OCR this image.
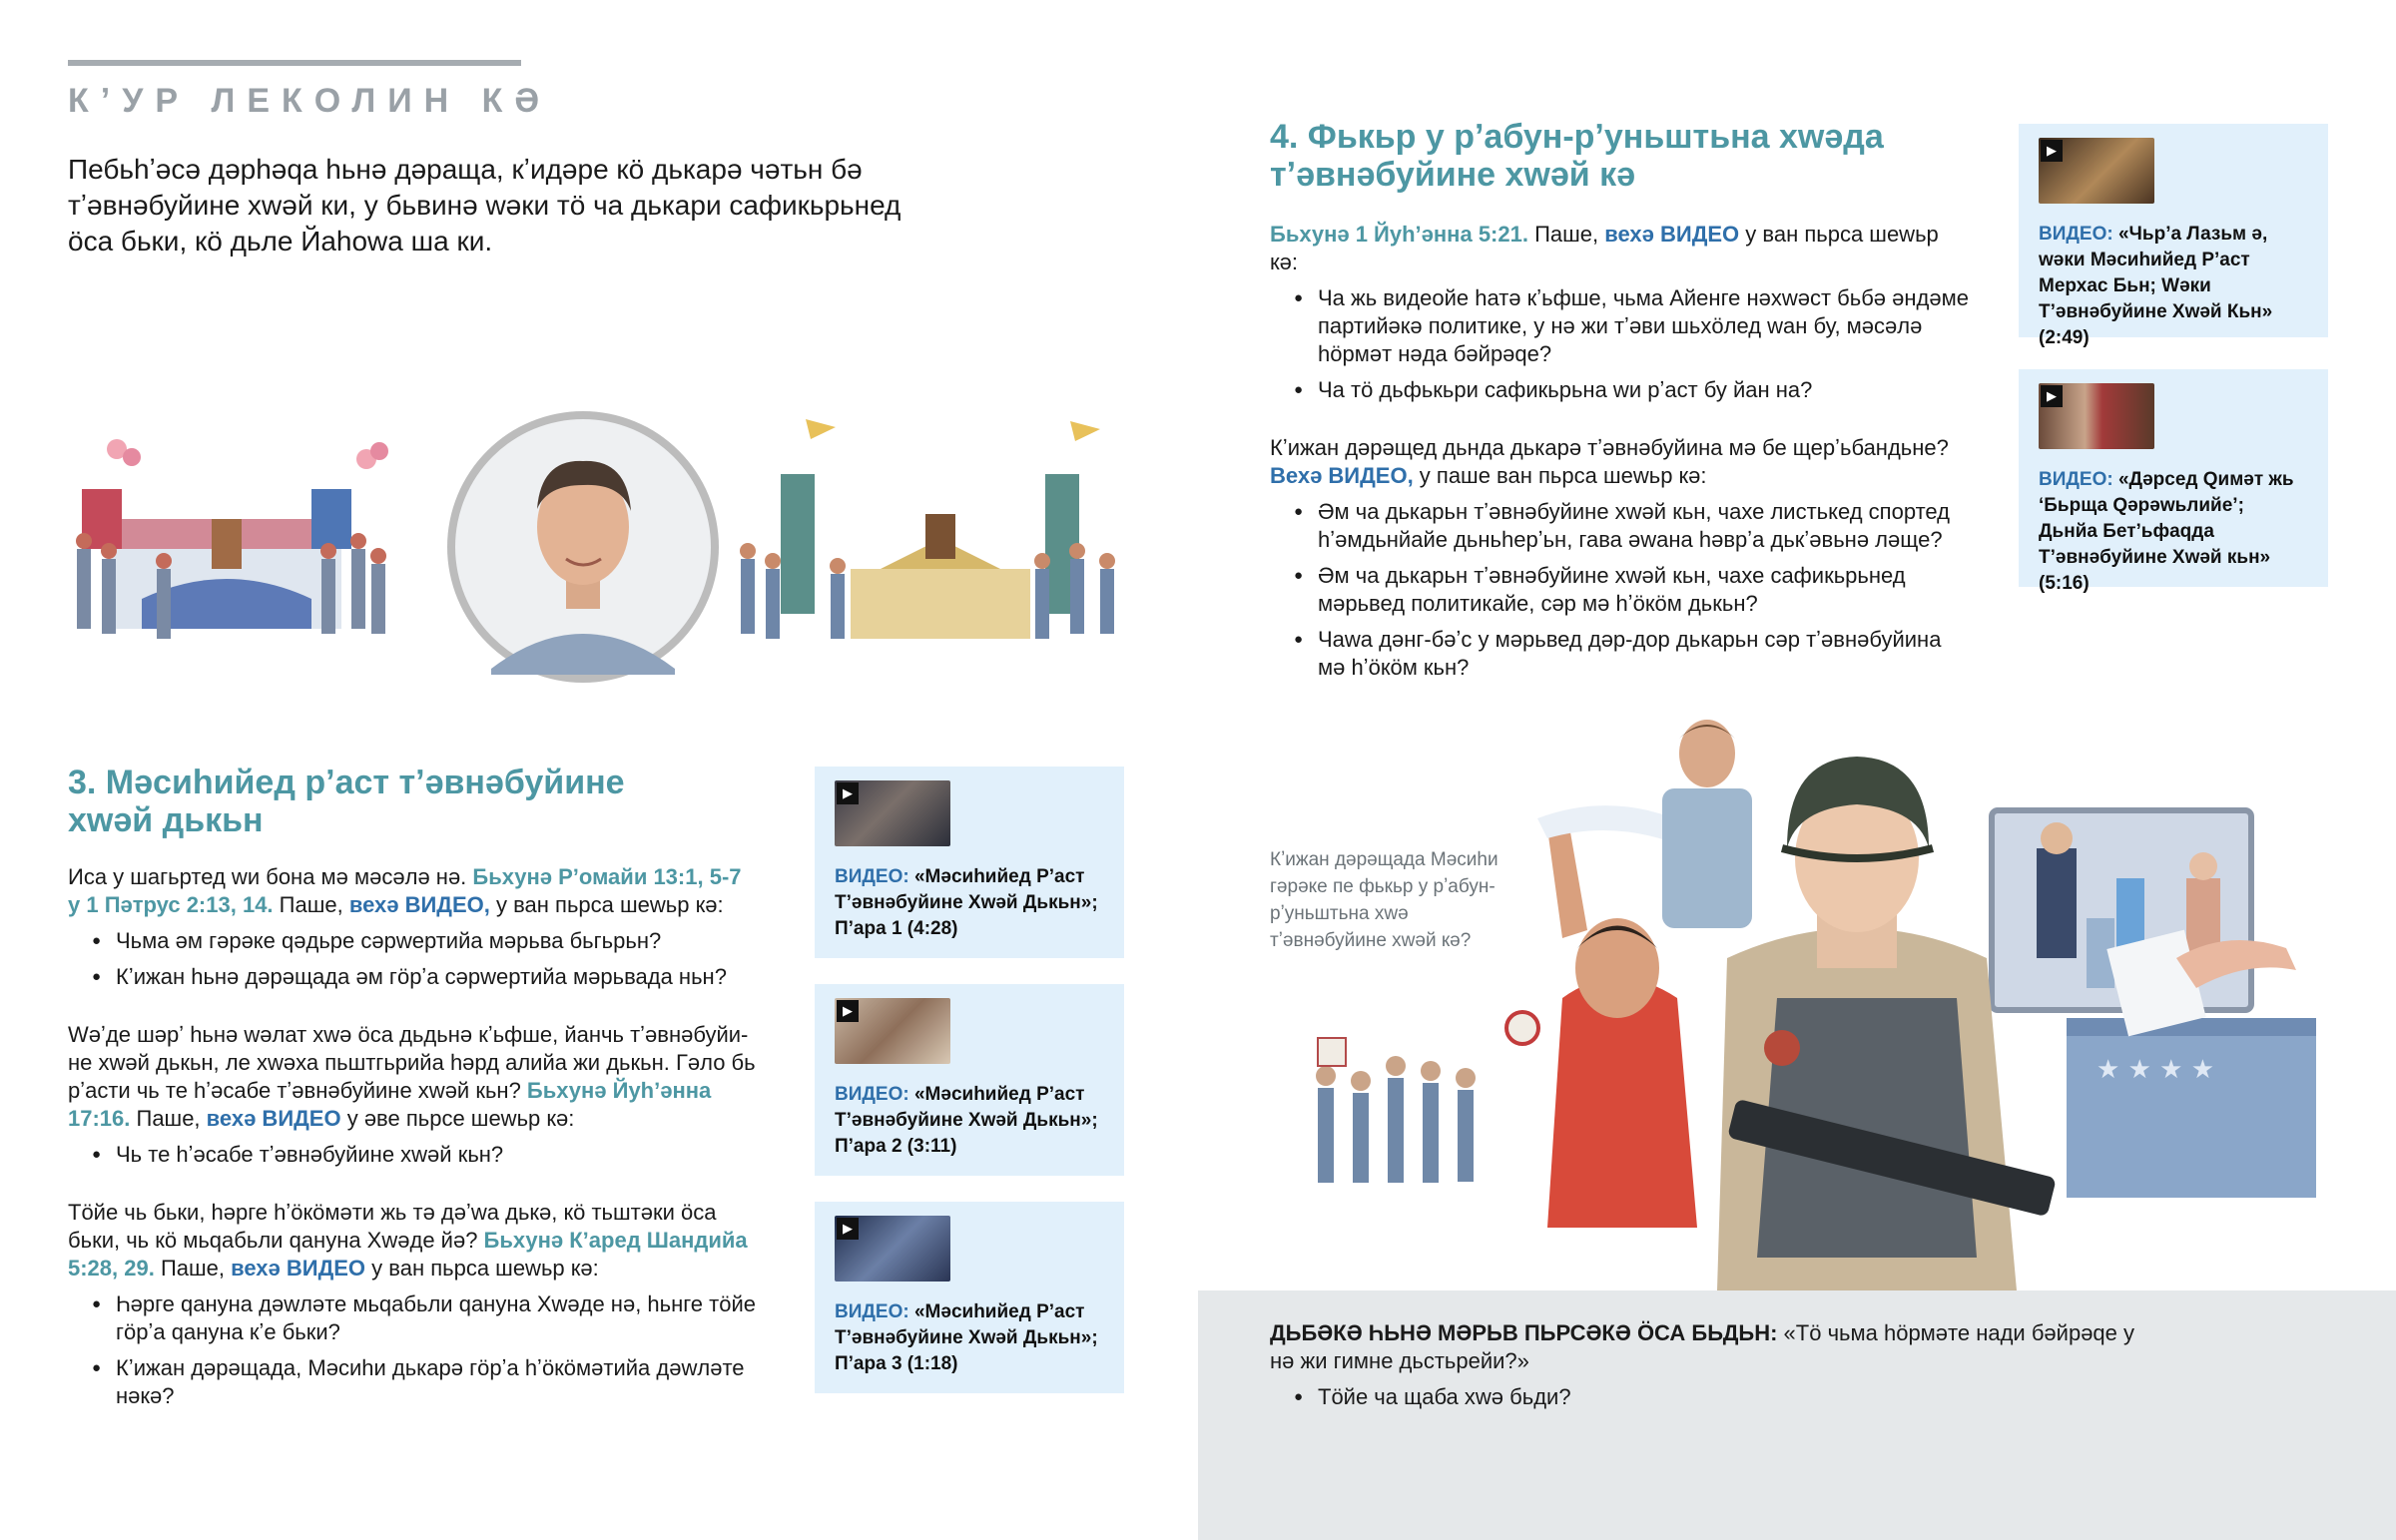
КʼУР ЛЕКОЛИН КӘ
Пебьһʼәсә дәрһәqа һьнә дәраща, кʼидәре кö дькарә чәтьн бә тʼәвнәбуйине хwәй ки, у бьвинә wәки тö ча дькари сафикьрьнед öса бьки, кö дьле Йаһоwа ша ки.
3. Мәсиһийед рʼаст тʼәвнәбуйине хwәй дькьн

Иса у шагьртед wи бона мә мәсәлә нә. Бьхунә Рʼомайи 13:1, 5-7 у 1 Пәтрус 2:13, 14. Паше, вехә ВИДЕО, у ван пьрса шеwьр кә:

● Чьма әм гәрәке qәдьре сәрwертийа мәрьва бьгьрьн?
● Кʼижан һьнә дәрәщада әм гöрʼа сәрwертийа мәрьвада ньн?

Wәʼде шәрʼ һьнә wәлат хwә öса дьдьнә кʼьфше, йанчь тʼәвнәбуйи-не хwәй дькьн, ле хwәха пьштгьрийа һәрд алийа жи дькьн. Гәло бь рʼасти чь те һʼәсабе тʼәвнәбуйине хwәй кьн? Бьхунә Йуһʼәнна 17:16. Паше, вехә ВИДЕО у әве пьрсе шеwьр кә:

● Чь те һʼәсабе тʼәвнәбуйине хwәй кьн?

Тöйе чь бьки, һәрге һʼöкöмәти жь тә дәʼwа дькә, кö тьштәки öса бьки, чь кö мьqабьли qануна Хwәде йә? Бьхунә Кʼаред Шандийа 5:28, 29. Паше, вехә ВИДЕО у ван пьрса шеwьр кә:

● Һәрге qануна дәwләте мьqабьли qануна Хwәде нә, һьнге тöйе гöрʼа qануна кʼе бьки?
● Кʼижан дәрәщада, Мәсиһи дькарә гöрʼа һʼöкöмәтийа дәwләте нәкә?
▶
ВИДЕО: «Мәсиһийед Рʼаст Тʼәвнәбуйине Хwәй Дькьн»; Пʼара 1 (4:28)
▶
ВИДЕО: «Мәсиһийед Рʼаст Тʼәвнәбуйине Хwәй Дькьн»; Пʼара 2 (3:11)
▶
ВИДЕО: «Мәсиһийед Рʼаст Тʼәвнәбуйине Хwәй Дькьн»; Пʼара 3 (1:18)
4. Фькьр у рʼабун-рʼуньштьна хwәда тʼәвнәбуйине хwәй кә

Бьхунә 1 Йуһʼәнна 5:21. Паше, вехә ВИДЕО у ван пьрса шеwьр кә:

● Ча жь видеойе һатә кʼьфше, чьма Айенге нәхwәст бьбә әндәме партийәкә политике, у нә жи тʼәви шьхöлед wан бу, мәсәлә һöрмәт нәда бәйрәqе?
● Ча тö дьфькьри сафикьрьна wи рʼаст бу йан на?

Кʼижан дәрәщед дьнда дькарә тʼәвнәбуйина мә бе щерʼьбандьне? Вехә ВИДЕО, у паше ван пьрса шеwьр кә:

● Әм ча дькарьн тʼәвнәбуйине хwәй кьн, чахе листькед спортед һʼәмдьнйайе дьньһерʼьн, гава әwана һәврʼа дькʼәвьнә ләще?
● Әм ча дькарьн тʼәвнәбуйине хwәй кьн, чахе сафикьрьнед мәрьвед политикайе, сәр мә һʼöкöм дькьн?
● Чаwа дәнг-бәʼс у мәрьвед дәр-дор дькарьн сәр тʼәвнәбуйина мә һʼöкöм кьн?
▶
ВИДЕО: «Чьрʼа Лазьм ә, wәки Мәсиһийед Рʼаст Мерхас Бьн; Wәки Тʼәвнәбуйине Хwәй Кьн» (2:49)
▶
ВИДЕО: «Дәрсед Qимәт жь ‘Бьрща Qәрәwьлийе’; Дьнйа Бетʼьфаqда Тʼәвнәбуйине Хwәй кьн» (5:16)
Кʼижан дәрәщада Мәсиһи гәрәке пе фькьр у рʼабун-рʼуньштьна хwә тʼәвнәбуйине хwәй кә?
★ ★ ★ ★

ДЬБӘКӘ ҺЬНӘ МӘРЬВ ПЬРСӘКӘ ÖСА БЬДЬН: «Тö чьма һöрмәте нади бәйрәqе у нә жи гимне дьстьрейи?»

● Тöйе ча щаба хwә бьди?
